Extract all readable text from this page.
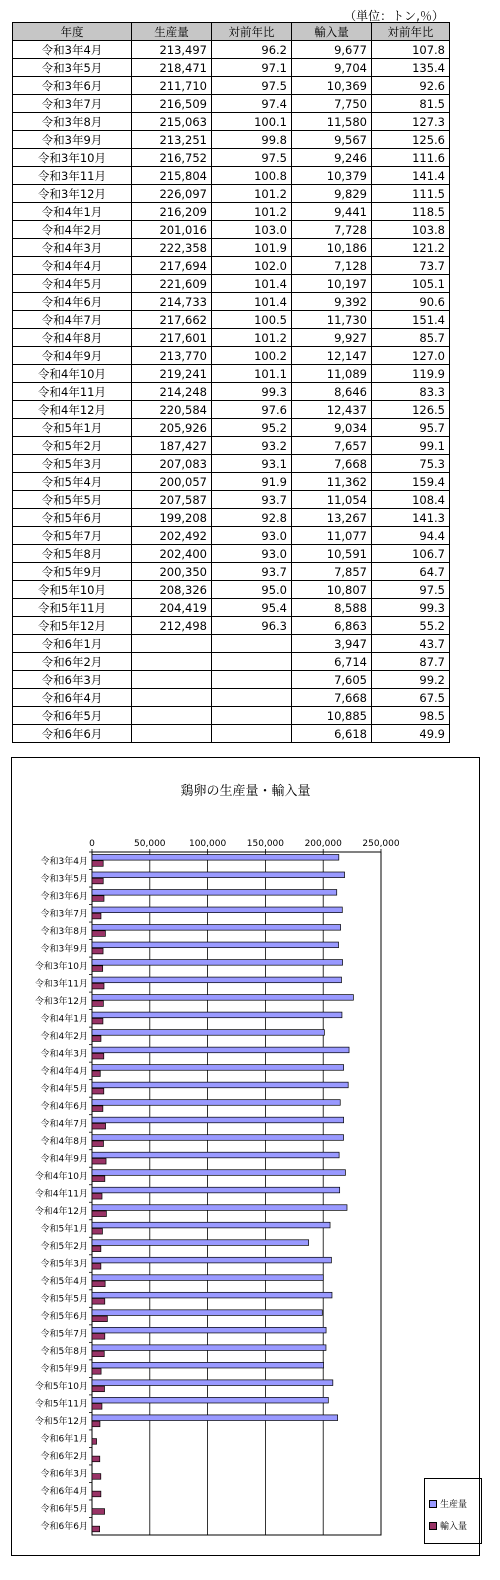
（単位：トン,％）
年度	生産量	対前年比	輸入量	対前年比
令和3年4月	213,497	96.2	9,677	107.8
令和3年5月	218,471	97.1	9,704	135.4
令和3年6月	211,710	97.5	10,369	92.6
令和3年7月	216,509	97.4	7,750	81.5
令和3年8月	215,063	100.1	11,580	127.3
令和3年9月	213,251	99.8	9,567	125.6
令和3年10月	216,752	97.5	9,246	111.6
令和3年11月	215,804	100.8	10,379	141.4
令和3年12月	226,097	101.2	9,829	111.5
令和4年1月	216,209	101.2	9,441	118.5
令和4年2月	201,016	103.0	7,728	103.8
令和4年3月	222,358	101.9	10,186	121.2
令和4年4月	217,694	102.0	7,128	73.7
令和4年5月	221,609	101.4	10,197	105.1
令和4年6月	214,733	101.4	9,392	90.6
令和4年7月	217,662	100.5	11,730	151.4
令和4年8月	217,601	101.2	9,927	85.7
令和4年9月	213,770	100.2	12,147	127.0
令和4年10月	219,241	101.1	11,089	119.9
令和4年11月	214,248	99.3	8,646	83.3
令和4年12月	220,584	97.6	12,437	126.5
令和5年1月	205,926	95.2	9,034	95.7
令和5年2月	187,427	93.2	7,657	99.1
令和5年3月	207,083	93.1	7,668	75.3
令和5年4月	200,057	91.9	11,362	159.4
令和5年5月	207,587	93.7	11,054	108.4
令和5年6月	199,208	92.8	13,267	141.3
令和5年7月	202,492	93.0	11,077	94.4
令和5年8月	202,400	93.0	10,591	106.7
令和5年9月	200,350	93.7	7,857	64.7
令和5年10月	208,326	95.0	10,807	97.5
令和5年11月	204,419	95.4	8,588	99.3
令和5年12月	212,498	96.3	6,863	55.2
令和6年1月			3,947	43.7
令和6年2月			6,714	87.7
令和6年3月			7,605	99.2
令和6年4月			7,668	67.5
令和6年5月			10,885	98.5
令和6年6月			6,618	49.9
鶏卵の生産量・輸入量
0	50,000	100,000 150,000 200,000 250,000
令和3年4月
令和3年5月
令和3年6月
令和3年7月
令和3年8月
令和3年9月
令和3年10月
令和3年11月
令和3年12月
令和4年1月
令和4年2月
令和4年3月
令和4年4月
令和4年5月
令和4年6月
令和4年7月
令和4年8月
令和4年9月
令和4年10月
令和4年11月
令和4年12月
令和5年1月
令和5年2月
令和5年3月
令和5年4月
令和5年5月
令和5年6月
令和5年7月
令和5年8月
令和5年9月
令和5年10月
令和5年11月
令和5年12月
令和6年1月
令和6年2月
令和6年3月
令和6年4月
令和6年5月
令和6年6月
生産量
輸入量
